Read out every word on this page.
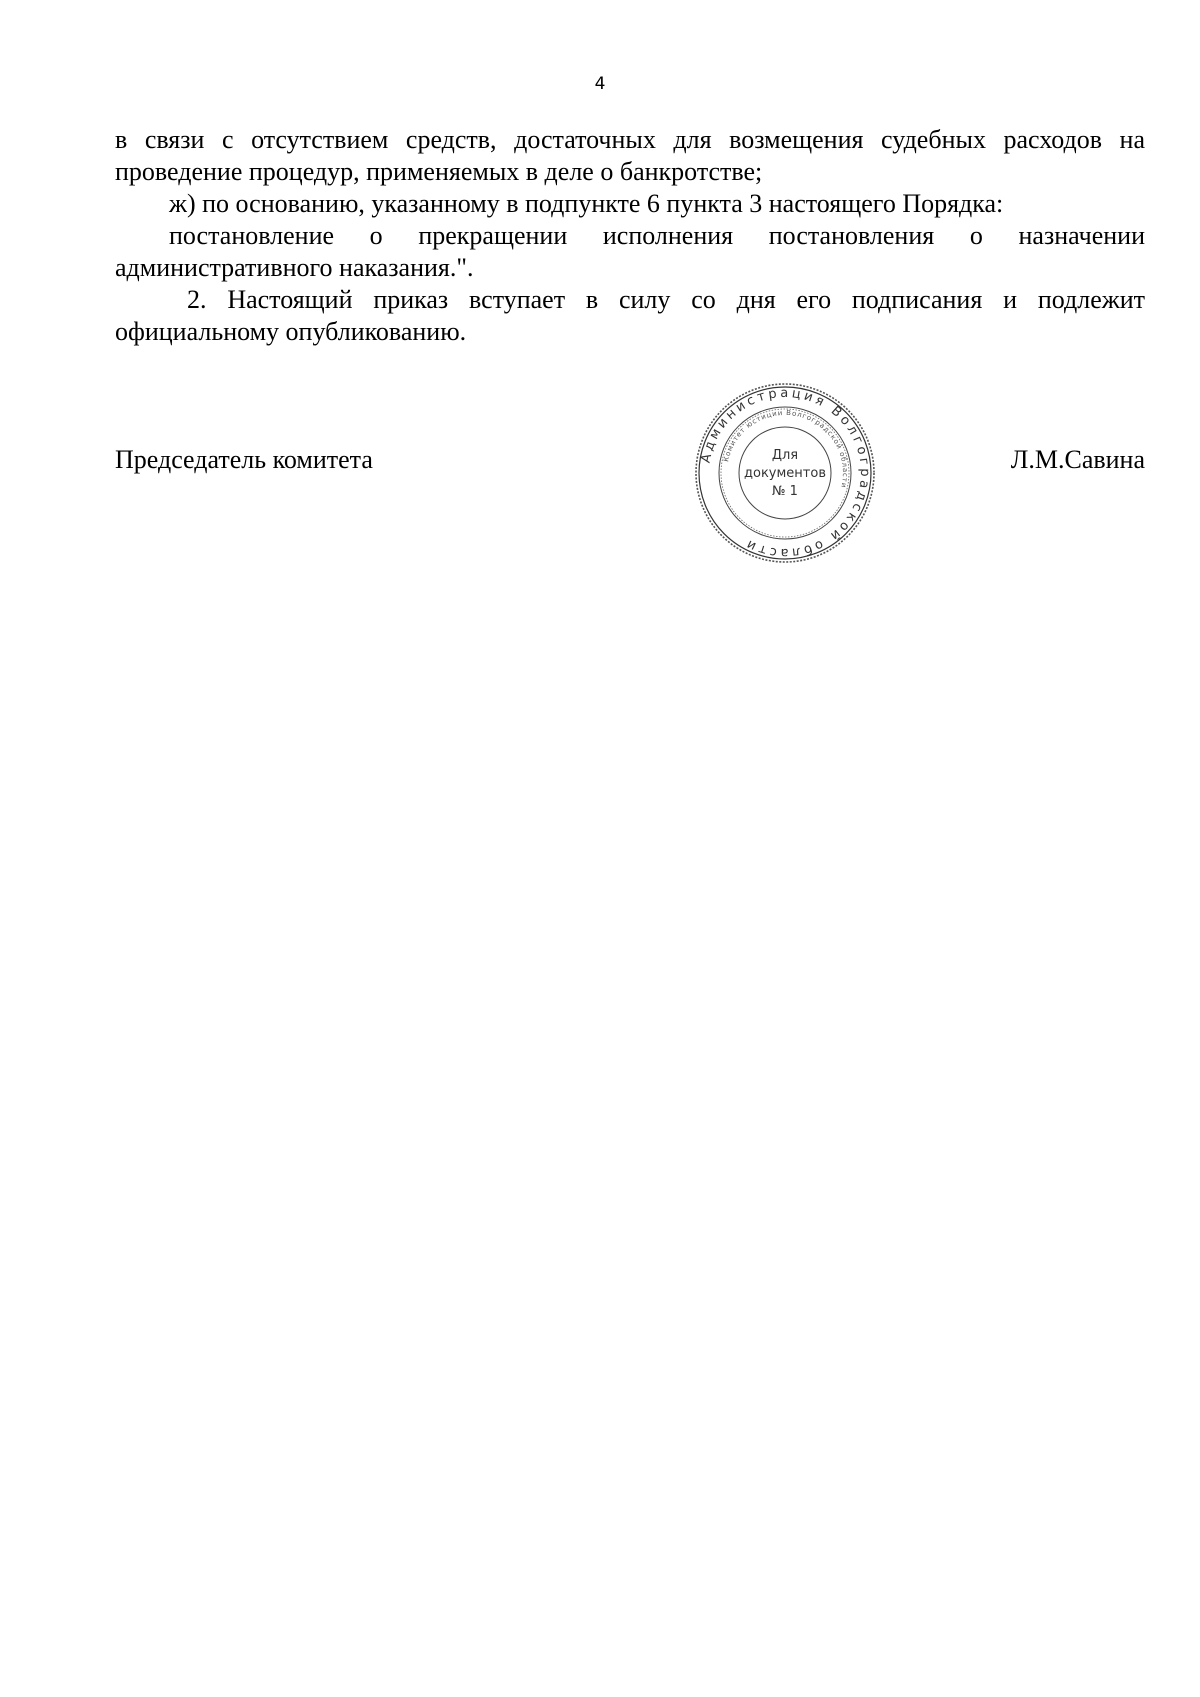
4

в связи с отсутствием средств, достаточных для возмещения судебных расходов на проведение процедур, применяемых в деле о банкротстве;

ж) по основанию, указанному в подпункте 6 пункта 3 настоящего Порядка:

постановление о прекращении исполнения постановления о назначении административного наказания.".

2. Настоящий приказ вступает в силу со дня его подписания и подлежит официальному опубликованию.

Председатель комитета	Л.М.Савина
Администрация Волгоградской области
Комитет юстиции Волгоградской области
Для
документов
№ 1
